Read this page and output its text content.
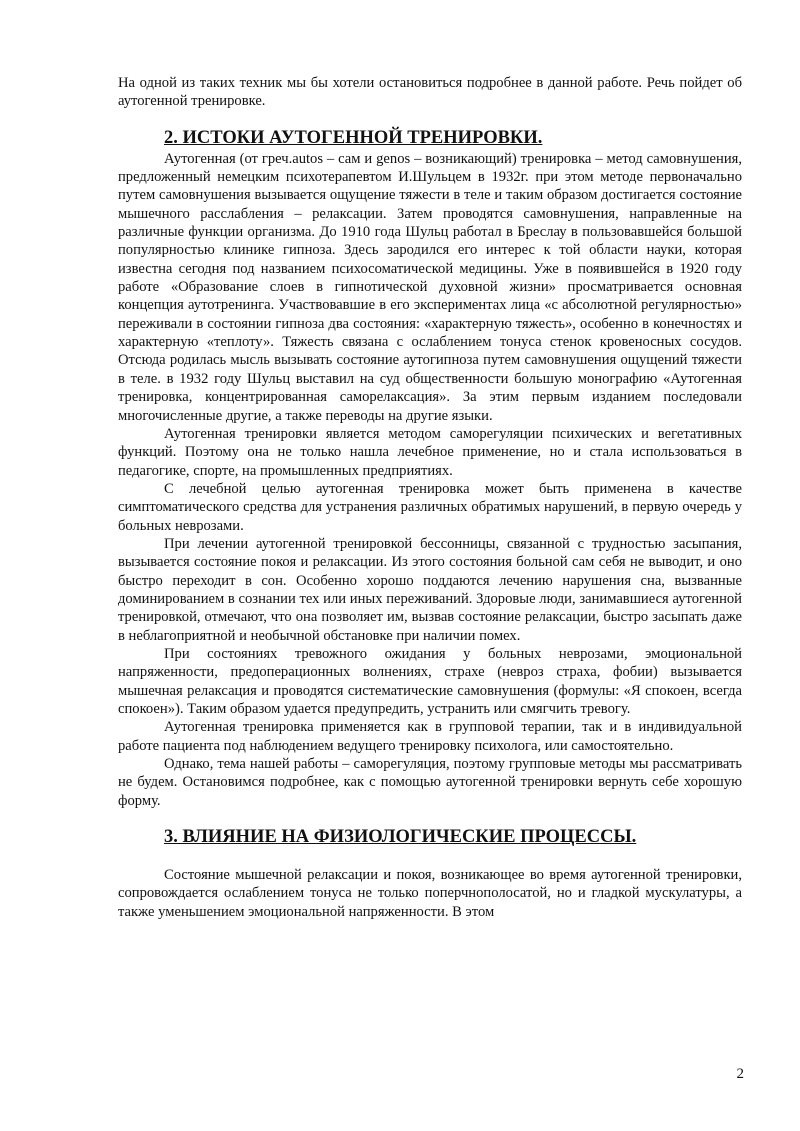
На одной из таких техник мы бы хотели остановиться подробнее в данной работе. Речь пойдет об аутогенной тренировке.

2. ИСТОКИ АУТОГЕННОЙ ТРЕНИРОВКИ.

Аутогенная (от греч.autos – сам и genos – возникающий) тренировка – метод самовнушения, предложенный немецким психотерапевтом И.Шульцем в 1932г. при этом методе первоначально путем самовнушения вызывается ощущение тяжести в теле и таким образом достигается состояние мышечного расслабления – релаксации. Затем проводятся самовнушения, направленные на различные функции организма. До 1910 года Шульц работал в Бреслау в пользовавшейся большой популярностью клинике гипноза. Здесь зародился его интерес к той области науки, которая известна сегодня под названием психосоматической медицины. Уже в появившейся в 1920 году работе «Образование слоев в гипнотической духовной жизни» просматривается основная концепция аутотренинга. Участвовавшие в его экспериментах лица «с абсолютной регулярностью» переживали в состоянии гипноза два состояния: «характерную тяжесть», особенно в конечностях и характерную «теплоту». Тяжесть связана с ослаблением тонуса стенок кровеносных сосудов. Отсюда родилась мысль вызывать состояние аутогипноза путем самовнушения ощущений тяжести в теле. в 1932 году Шульц выставил на суд общественности большую монографию «Аутогенная тренировка, концентрированная саморелаксация». За этим первым изданием последовали многочисленные другие, а также переводы на другие языки.

Аутогенная тренировки является методом саморегуляции психических и вегетативных функций. Поэтому она не только нашла лечебное применение, но и стала использоваться в педагогике, спорте, на промышленных предприятиях.

С лечебной целью аутогенная тренировка может быть применена в качестве симптоматического средства для устранения различных обратимых нарушений, в первую очередь у больных неврозами.

При лечении аутогенной тренировкой бессонницы, связанной с трудностью засыпания, вызывается состояние покоя и релаксации. Из этого состояния больной сам себя не выводит, и оно быстро переходит в сон. Особенно хорошо поддаются лечению нарушения сна, вызванные доминированием в сознании тех или иных переживаний. Здоровые люди, занимавшиеся аутогенной тренировкой, отмечают, что она позволяет им, вызвав состояние релаксации, быстро засыпать даже в неблагоприятной и необычной обстановке при наличии помех.

При состояниях тревожного ожидания у больных неврозами, эмоциональной напряженности, предоперационных волнениях, страхе (невроз страха, фобии) вызывается мышечная релаксация и проводятся систематические самовнушения (формулы: «Я спокоен, всегда спокоен»). Таким образом удается предупредить, устранить или смягчить тревогу.

Аутогенная тренировка применяется как в групповой терапии, так и в индивидуальной работе пациента под наблюдением ведущего тренировку психолога, или самостоятельно.

Однако, тема нашей работы – саморегуляция, поэтому групповые методы мы рассматривать не будем. Остановимся подробнее, как с помощью аутогенной тренировки вернуть себе хорошую форму.

3. ВЛИЯНИЕ НА ФИЗИОЛОГИЧЕСКИЕ ПРОЦЕССЫ.

Состояние мышечной релаксации и покоя, возникающее во время аутогенной тренировки, сопровождается ослаблением тонуса не только поперчнополосатой, но и гладкой мускулатуры, а также уменьшением эмоциональной напряженности. В этом

2
